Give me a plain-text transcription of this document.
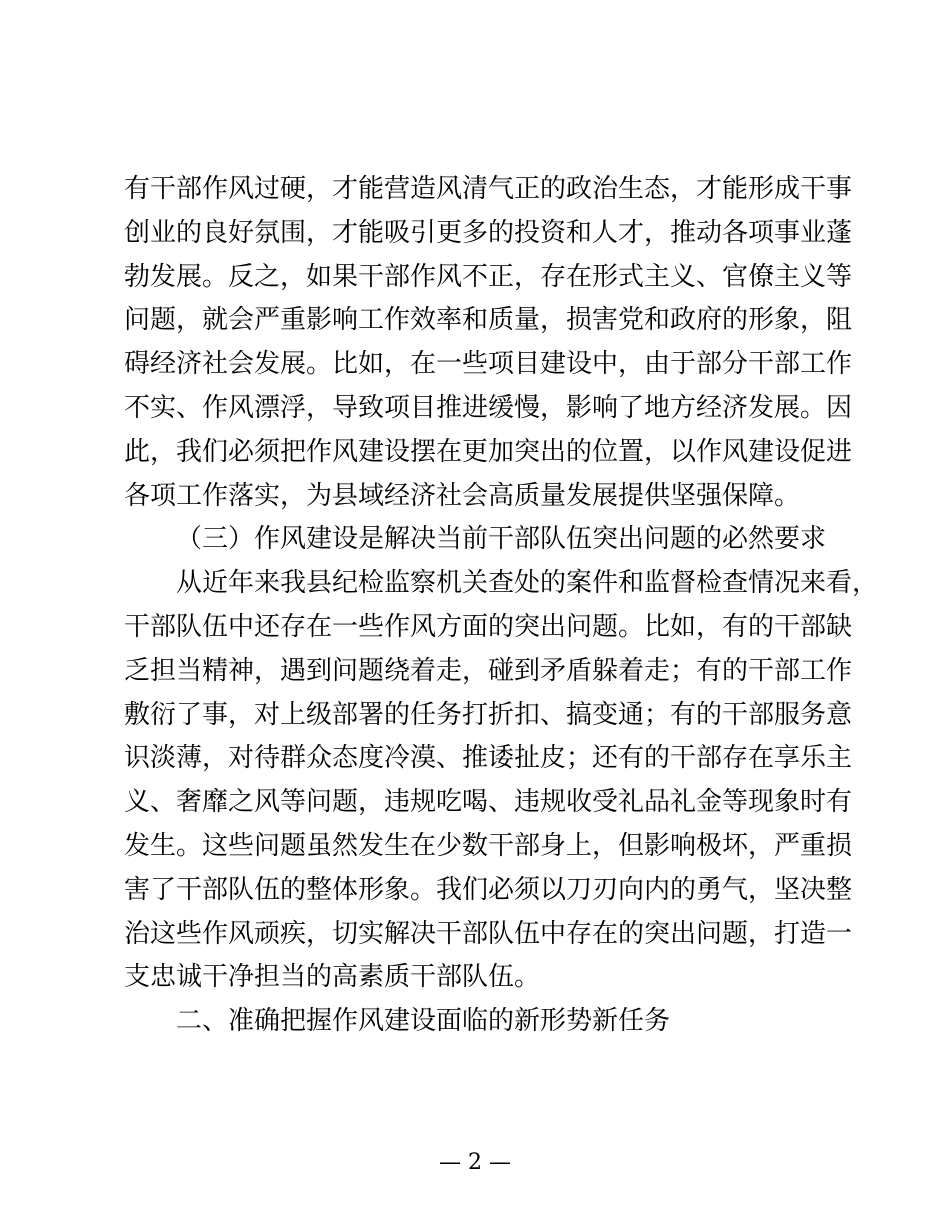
有干部作风过硬，才能营造风清气正的政治生态，才能形成干事
创业的良好氛围，才能吸引更多的投资和人才，推动各项事业蓬
勃发展。反之，如果干部作风不正，存在形式主义、官僚主义等
问题，就会严重影响工作效率和质量，损害党和政府的形象，阻
碍经济社会发展。比如，在一些项目建设中，由于部分干部工作
不实、作风漂浮，导致项目推进缓慢，影响了地方经济发展。因
此，我们必须把作风建设摆在更加突出的位置，以作风建设促进
各项工作落实，为县域经济社会高质量发展提供坚强保障。
（三）作风建设是解决当前干部队伍突出问题的必然要求
从近年来我县纪检监察机关查处的案件和监督检查情况来看，
干部队伍中还存在一些作风方面的突出问题。比如，有的干部缺
乏担当精神，遇到问题绕着走，碰到矛盾躲着走；有的干部工作
敷衍了事，对上级部署的任务打折扣、搞变通；有的干部服务意
识淡薄，对待群众态度冷漠、推诿扯皮；还有的干部存在享乐主
义、奢靡之风等问题，违规吃喝、违规收受礼品礼金等现象时有
发生。这些问题虽然发生在少数干部身上，但影响极坏，严重损
害了干部队伍的整体形象。我们必须以刀刃向内的勇气，坚决整
治这些作风顽疾，切实解决干部队伍中存在的突出问题，打造一
支忠诚干净担当的高素质干部队伍。
二、准确把握作风建设面临的新形势新任务
— 2 —
